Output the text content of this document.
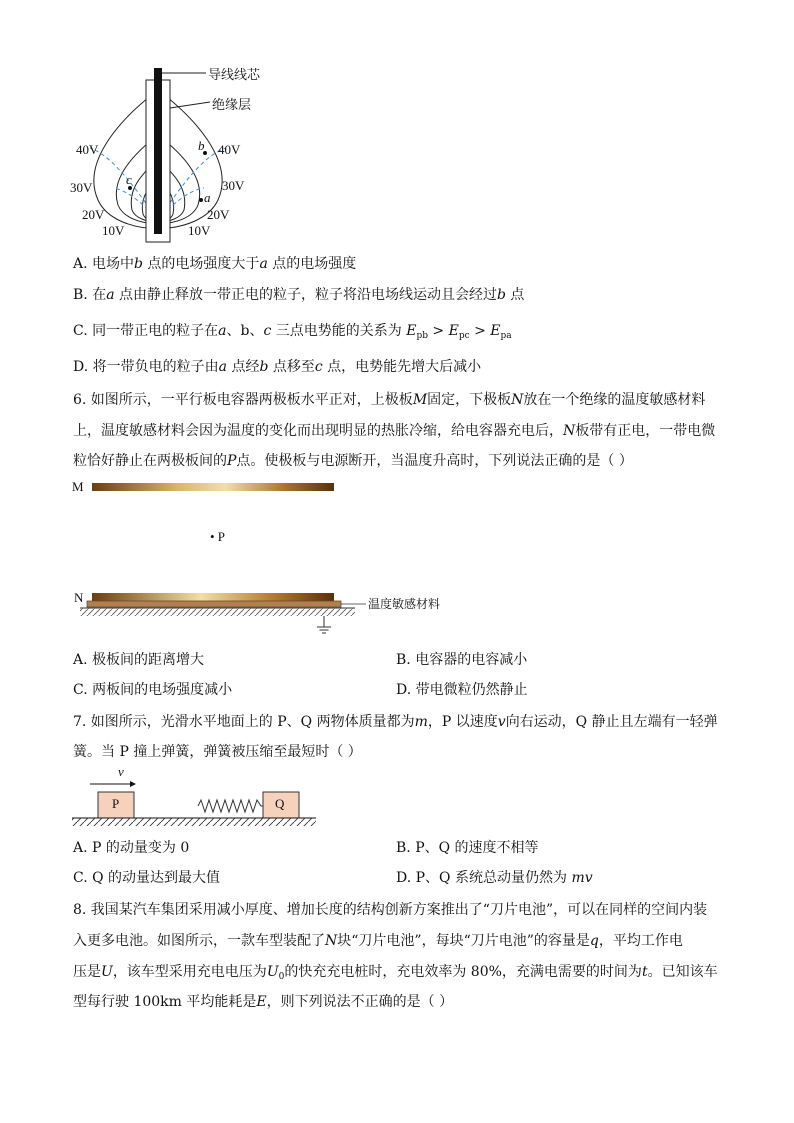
导线线芯
绝缘层
40V	40V
30V	30V
20V	20V
10V	10V
a
b
c
A. 电场中b 点的电场强度大于a 点的电场强度
B. 在a 点由静止释放一带正电的粒子，粒子将沿电场线运动且会经过b 点
C. 同一带正电的粒子在a、b、c 三点电势能的关系为 $E_{pb} > E_{pc} > E_{pa}$
D. 将一带负电的粒子由a 点经b 点移至c 点，电势能先增大后减小
6. 如图所示，一平行板电容器两极板水平正对，上极板M固定，下极板N放在一个绝缘的温度敏感材料
上，温度敏感材料会因为温度的变化而出现明显的热胀冷缩，给电容器充电后，N板带有正电，一带电微
粒恰好静止在两极板间的P点。使极板与电源断开，当温度升高时，下列说法正确的是（ ）
M
• P
N	温度敏感材料
A. 极板间的距离增大	B. 电容器的电容减小
C. 两板间的电场强度减小	D. 带电微粒仍然静止
7. 如图所示，光滑水平地面上的 P、Q 两物体质量都为m，P 以速度v向右运动，Q 静止且左端有一轻弹
簧。当 P 撞上弹簧，弹簧被压缩至最短时（ ）
v
P	Q
A. P 的动量变为 0	B. P、Q 的速度不相等
C. Q 的动量达到最大值	D. P、Q 系统总动量仍然为 mv
8. 我国某汽车集团采用减小厚度、增加长度的结构创新方案推出了“刀片电池”，可以在同样的空间内装
入更多电池。如图所示，一款车型装配了N块“刀片电池”，每块“刀片电池”的容量是q，平均工作电
压是U，该车型采用充电电压为$U_0$的快充充电桩时，充电效率为 80%，充满电需要的时间为t。已知该车
型每行驶 100km 平均能耗是E，则下列说法不正确的是（ ）
